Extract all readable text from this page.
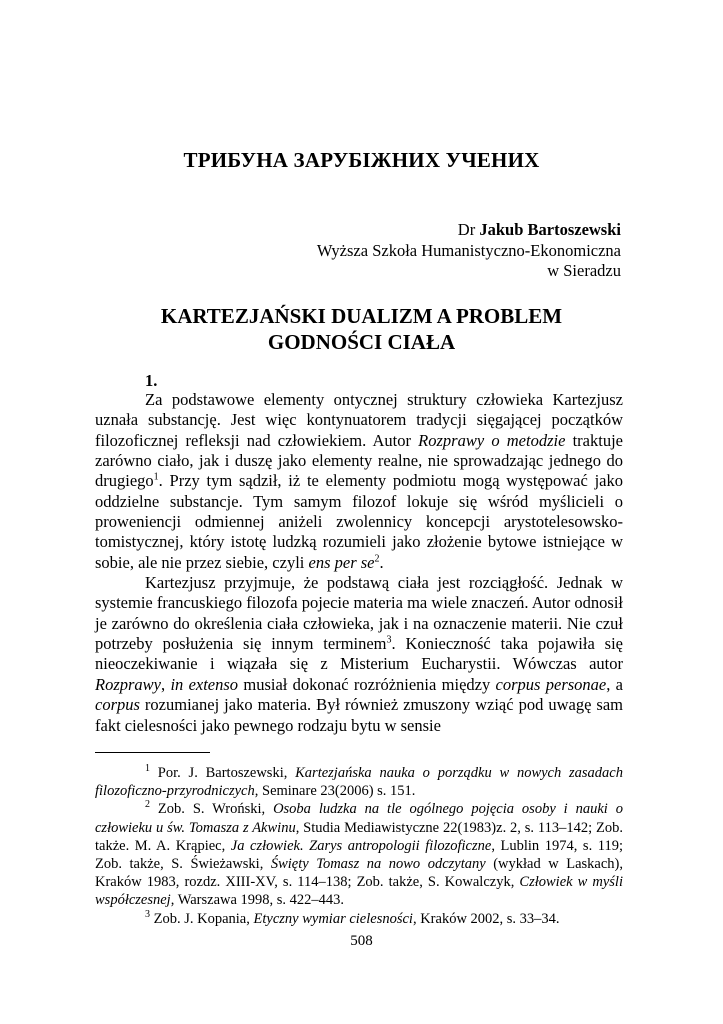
ТРИБУНА ЗАРУБІЖНИХ УЧЕНИХ
Dr Jakub Bartoszewski
Wyższa Szkoła Humanistyczno-Ekonomiczna
w Sieradzu
KARTEZJAŃSKI DUALIZM A PROBLEM
GODNOŚCI CIAŁA
1.

Za podstawowe elementy ontycznej struktury człowieka Kartezjusz uznała substancję. Jest więc kontynuatorem tradycji sięgającej początków filozoficznej refleksji nad człowiekiem. Autor Rozprawy o metodzie traktuje zarówno ciało, jak i duszę jako elementy realne, nie sprowadzając jednego do drugiego$^1$. Przy tym sądził, iż te elementy podmiotu mogą występować jako oddzielne substancje. Tym samym filozof lokuje się wśród myślicieli o proweniencji odmiennej aniżeli zwolennicy koncepcji arystotelesowsko-tomistycznej, który istotę ludzką rozumieli jako złożenie bytowe istniejące w sobie, ale nie przez siebie, czyli ens per $se^2$.

Kartezjusz przyjmuje, że podstawą ciała jest rozciągłość. Jednak w systemie francuskiego filozofa pojecie materia ma wiele znaczeń. Autor odnosił je zarówno do określenia ciała człowieka, jak i na oznaczenie materii. Nie czuł potrzeby posłużenia się innym terminem$^3$. Konieczność taka pojawiła się nieoczekiwanie i wiązała się z Misterium Eucharystii. Wówczas autor Rozprawy, in extenso musiał dokonać rozróżnienia między corpus personae, a corpus rozumianej jako materia. Był również zmuszony wziąć pod uwagę sam fakt cielesności jako pewnego rodzaju bytu w sensie

$^1$ Por. J. Bartoszewski, Kartezjańska nauka o porządku w nowych zasadach filozoficzno-przyrodniczych, Seminare 23(2006) s. 151.

$^2$ Zob. S. Wroński, Osoba ludzka na tle ogólnego pojęcia osoby i nauki o człowieku u św. Tomasza z Akwinu, Studia Mediawistyczne 22(1983)z. 2, s. 113–142; Zob. także. M. A. Krąpiec, Ja człowiek. Zarys antropologii filozoficzne, Lublin 1974, s. 119; Zob. także, S. Świeżawski, Święty Tomasz na nowo odczytany (wykład w Laskach), Kraków 1983, rozdz. XIII-XV, s. 114–138; Zob. także, S. Kowalczyk, Człowiek w myśli współczesnej, Warszawa 1998, s. 422–443.

$^3$ Zob. J. Kopania, Etyczny wymiar cielesności, Kraków 2002, s. 33–34.

508
